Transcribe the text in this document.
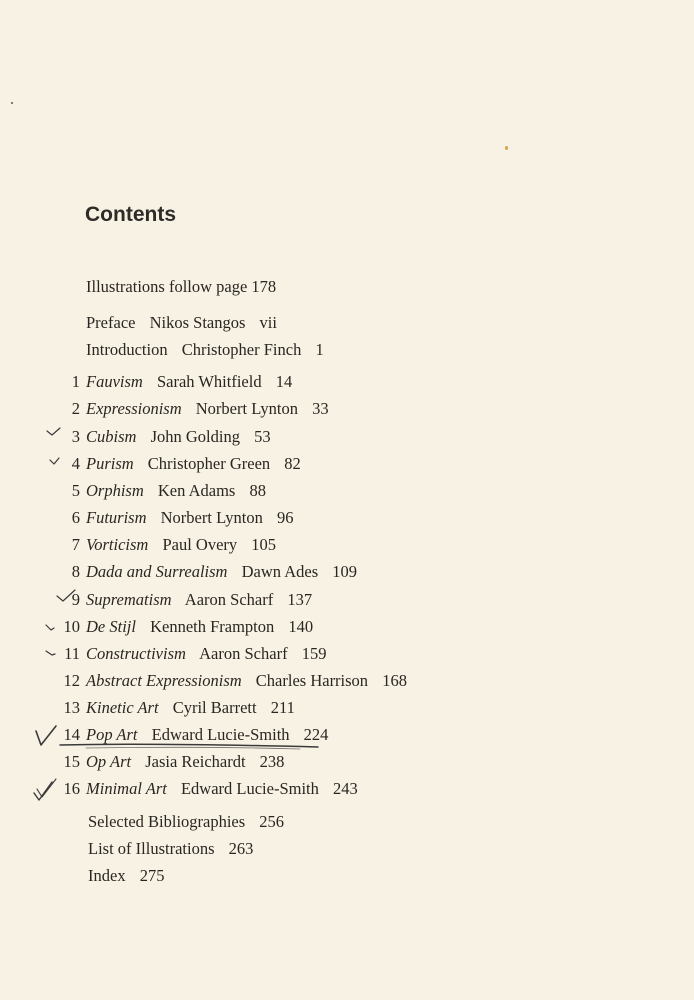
Contents
Illustrations follow page 178
Preface Nikos Stangos vii
Introduction Christopher Finch 1
1 Fauvism Sarah Whitfield 14
2 Expressionism Norbert Lynton 33
3 Cubism John Golding 53
4 Purism Christopher Green 82
5 Orphism Ken Adams 88
6 Futurism Norbert Lynton 96
7 Vorticism Paul Overy 105
8 Dada and Surrealism Dawn Ades 109
9 Suprematism Aaron Scharf 137
10 De Stijl Kenneth Frampton 140
11 Constructivism Aaron Scharf 159
12 Abstract Expressionism Charles Harrison 168
13 Kinetic Art Cyril Barrett 211
14 Pop Art Edward Lucie-Smith 224
15 Op Art Jasia Reichardt 238
16 Minimal Art Edward Lucie-Smith 243
Selected Bibliographies 256
List of Illustrations 263
Index 275
